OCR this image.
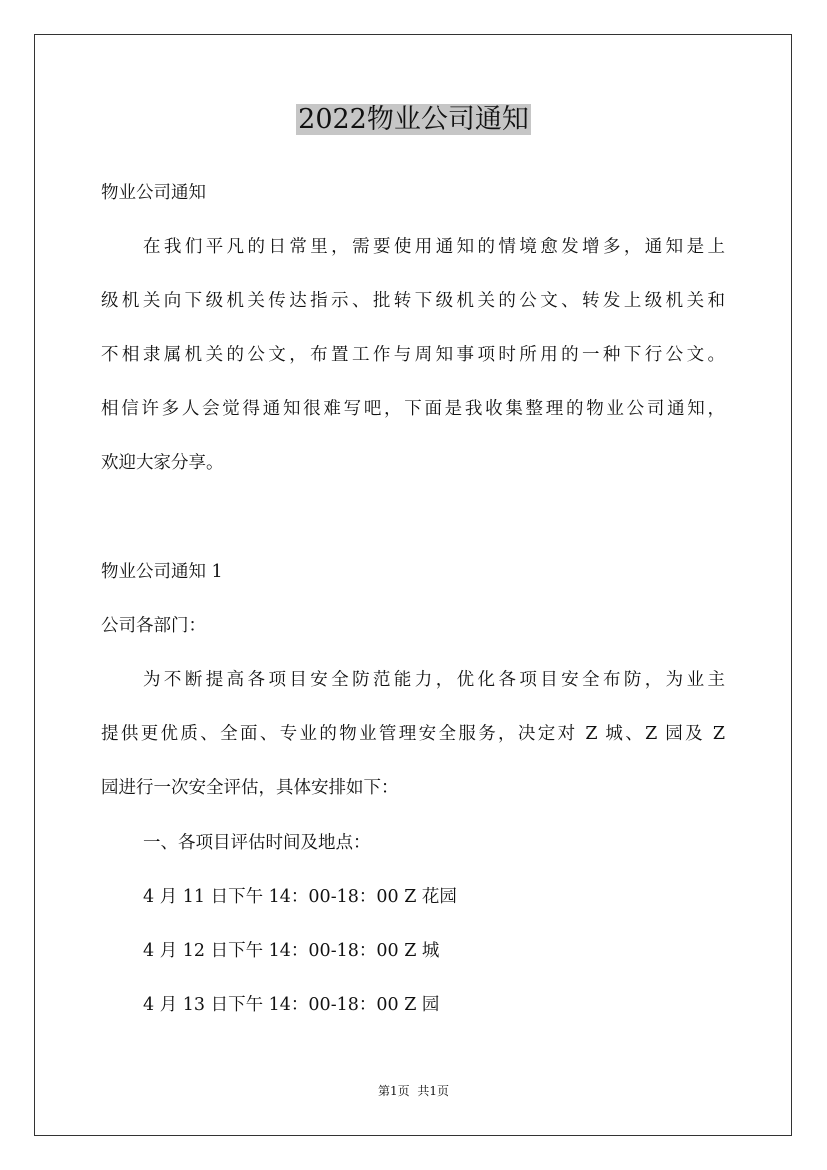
2022物业公司通知
物业公司通知
在我们平凡的日常里，需要使用通知的情境愈发增多，通知是上
级机关向下级机关传达指示、批转下级机关的公文、转发上级机关和
不相隶属机关的公文，布置工作与周知事项时所用的一种下行公文。
相信许多人会觉得通知很难写吧，下面是我收集整理的物业公司通知，
欢迎大家分享。
物业公司通知 1
公司各部门：
为不断提高各项目安全防范能力，优化各项目安全布防，为业主
提供更优质、全面、专业的物业管理安全服务，决定对 Z 城、Z 园及 Z
园进行一次安全评估，具体安排如下：
一、各项目评估时间及地点：
4 月 11 日下午 14：00-18：00 Z 花园
4 月 12 日下午 14：00-18：00 Z 城
4 月 13 日下午 14：00-18：00 Z 园
第1页 共1页
